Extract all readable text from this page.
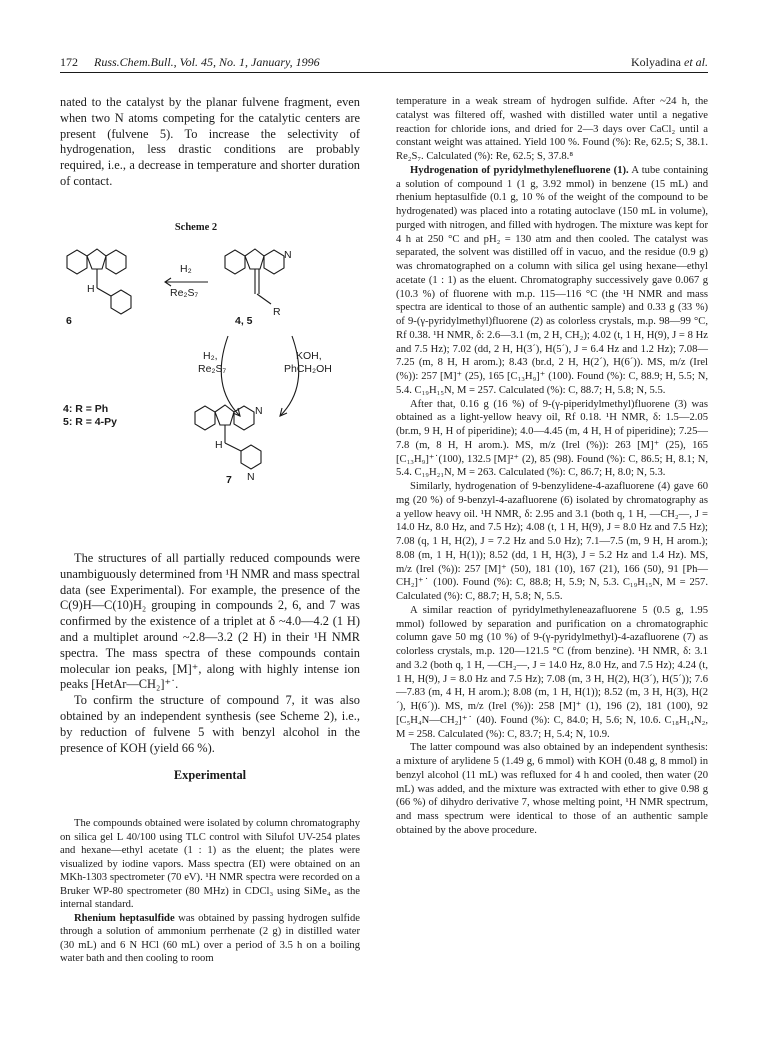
172 Russ.Chem.Bull., Vol. 45, No. 1, January, 1996	Kolyadina et al.

nated to the catalyst by the planar fulvene fragment, even when two N atoms competing for the catalytic centers are present (fulvene 5). To increase the selectivity of hydrogenation, less drastic conditions are probably required, i.e., a decrease in temperature and shorter duration of contact.

Scheme 2
H₂
Re₂S₇
H
6	4, 5
R
N
H₂,
Re₂S₇
KOH,
PhCH₂OH
4: R = Ph
5: R = 4-Py
N
H
7 N

The structures of all partially reduced compounds were unambiguously determined from ¹H NMR and mass spectral data (see Experimental). For example, the presence of the C(9)H—C(10)H₂ grouping in compounds 2, 6, and 7 was confirmed by the existence of a triplet at δ ~4.0—4.2 (1 H) and a multiplet around ~2.8—3.2 (2 H) in their ¹H NMR spectra. The mass spectra of these compounds contain molecular ion peaks, [M]⁺, along with highly intense ion peaks [HetAr—CH₂]⁺˙.

To confirm the structure of compound 7, it was also obtained by an independent synthesis (see Scheme 2), i.e., by reduction of fulvene 5 with benzyl alcohol in the presence of KOH (yield 66 %).

Experimental

The compounds obtained were isolated by column chromatography on silica gel L 40/100 using TLC control with Silufol UV-254 plates and hexane—ethyl acetate (1 : 1) as the eluent; the plates were visualized by iodine vapors. Mass spectra (EI) were obtained on an MKh-1303 spectrometer (70 eV). ¹H NMR spectra were recorded on a Bruker WP-80 spectrometer (80 MHz) in CDCl₃ using SiMe₄ as the internal standard.

Rhenium heptasulfide was obtained by passing hydrogen sulfide through a solution of ammonium perrhenate (2 g) in distilled water (30 mL) and 6 N HCl (60 mL) over a period of 3.5 h on a boiling water bath and then cooling to room

temperature in a weak stream of hydrogen sulfide. After ~24 h, the catalyst was filtered off, washed with distilled water until a negative reaction for chloride ions, and dried for 2—3 days over CaCl₂ until a constant weight was attained. Yield 100 %. Found (%): Re, 62.5; S, 38.1. Re₂S₇. Calculated (%): Re, 62.5; S, 37.8.⁸

Hydrogenation of pyridylmethylenefluorene (1). A tube containing a solution of compound 1 (1 g, 3.92 mmol) in benzene (15 mL) and rhenium heptasulfide (0.1 g, 10 % of the weight of the compound to be hydrogenated) was placed into a rotating autoclave (150 mL in volume), purged with nitrogen, and filled with hydrogen. The mixture was kept for 4 h at 250 °C and pH₂ = 130 atm and then cooled. The catalyst was separated, the solvent was distilled off in vacuo, and the residue (0.9 g) was chromatographed on a column with silica gel using hexane—ethyl acetate (1 : 1) as the eluent. Chromatography successively gave 0.067 g (10.3 %) of fluorene with m.p. 115—116 °C (the ¹H NMR and mass spectra are identical to those of an authentic sample) and 0.33 g (33 %) of 9-(γ-pyridylmethyl)fluorene (2) as colorless crystals, m.p. 98—99 °C, Rf 0.38. ¹H NMR, δ: 2.6—3.1 (m, 2 H, CH₂); 4.02 (t, 1 H, H(9), J = 8 Hz and 7.5 Hz); 7.02 (dd, 2 H, H(3´), H(5´), J = 6.4 Hz and 1.2 Hz); 7.08—7.25 (m, 8 H, H arom.); 8.43 (br.d, 2 H, H(2´), H(6´)). MS, m/z (Irel (%)): 257 [M]⁺ (25), 165 [C₁₃H₉]⁺ (100). Found (%): C, 88.9; H, 5.5; N, 5.4. C₁₉H₁₅N, M = 257. Calculated (%): C, 88.7; H, 5.8; N, 5.5.

After that, 0.16 g (16 %) of 9-(γ-piperidylmethyl)fluorene (3) was obtained as a light-yellow heavy oil, Rf 0.18. ¹H NMR, δ: 1.5—2.05 (br.m, 9 H, H of piperidine); 4.0—4.45 (m, 4 H, H of piperidine); 7.25—7.8 (m, 8 H, H arom.). MS, m/z (Irel (%)): 263 [M]⁺ (25), 165 [C₁₃H₉]⁺˙(100), 132.5 [M]²⁺ (2), 85 (98). Found (%): C, 86.5; H, 8.1; N, 5.4. C₁₉H₂₁N, M = 263. Calculated (%): C, 86.7; H, 8.0; N, 5.3.

Similarly, hydrogenation of 9-benzylidene-4-azafluorene (4) gave 60 mg (20 %) of 9-benzyl-4-azafluorene (6) isolated by chromatography as a yellow heavy oil. ¹H NMR, δ: 2.95 and 3.1 (both q, 1 H, —CH₂—, J = 14.0 Hz, 8.0 Hz, and 7.5 Hz); 4.08 (t, 1 H, H(9), J = 8.0 Hz and 7.5 Hz); 7.08 (q, 1 H, H(2), J = 7.2 Hz and 5.0 Hz); 7.1—7.5 (m, 9 H, H arom.); 8.08 (m, 1 H, H(1)); 8.52 (dd, 1 H, H(3), J = 5.2 Hz and 1.4 Hz). MS, m/z (Irel (%)): 257 [M]⁺ (50), 181 (10), 167 (21), 166 (50), 91 [Ph—CH₂]⁺˙ (100). Found (%): C, 88.8; H, 5.9; N, 5.3. C₁₉H₁₅N, M = 257. Calculated (%): C, 88.7; H, 5.8; N, 5.5.

A similar reaction of pyridylmethyleneazafluorene 5 (0.5 g, 1.95 mmol) followed by separation and purification on a chromatographic column gave 50 mg (10 %) of 9-(γ-pyridylmethyl)-4-azafluorene (7) as colorless crystals, m.p. 120—121.5 °C (from benzine). ¹H NMR, δ: 3.1 and 3.2 (both q, 1 H, —CH₂—, J = 14.0 Hz, 8.0 Hz, and 7.5 Hz); 4.24 (t, 1 H, H(9), J = 8.0 Hz and 7.5 Hz); 7.08 (m, 3 H, H(2), H(3´), H(5´)); 7.6—7.83 (m, 4 H, H arom.); 8.08 (m, 1 H, H(1)); 8.52 (m, 3 H, H(3), H(2´), H(6´)). MS, m/z (Irel (%)): 258 [M]⁺ (1), 196 (2), 181 (100), 92 [C₅H₄N—CH₂]⁺˙ (40). Found (%): C, 84.0; H, 5.6; N, 10.6. C₁₈H₁₄N₂, M = 258. Calculated (%): C, 83.7; H, 5.4; N, 10.9.

The latter compound was also obtained by an independent synthesis: a mixture of arylidene 5 (1.49 g, 6 mmol) with KOH (0.48 g, 8 mmol) in benzyl alcohol (11 mL) was refluxed for 4 h and cooled, then water (20 mL) was added, and the mixture was extracted with ether to give 0.98 g (66 %) of dihydro derivative 7, whose melting point, ¹H NMR spectrum, and mass spectrum were identical to those of an authentic sample obtained by the above procedure.
